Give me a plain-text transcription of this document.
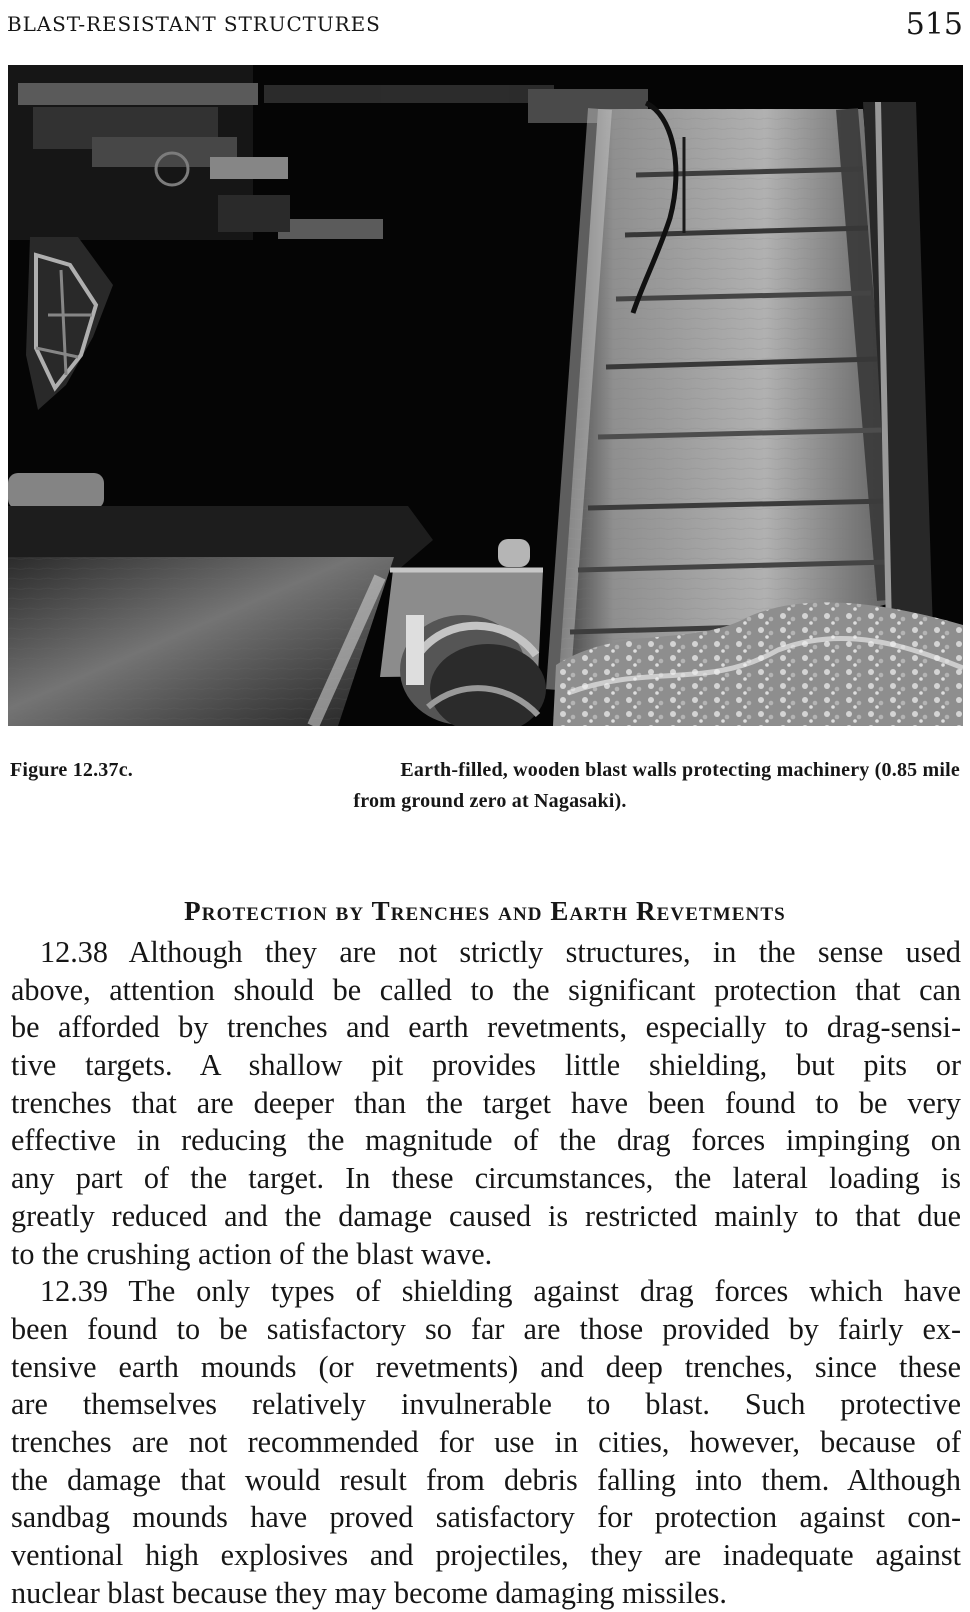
BLAST-RESISTANT STRUCTURES	515
Figure 12.37c.	Earth-filled, wooden blast walls protecting machinery (0.85 mile
from ground zero at Nagasaki).
Protection by Trenches and Earth Revetments

12.38 Although they are not strictly structures, in the sense used
above, attention should be called to the significant protection that can
be afforded by trenches and earth revetments, especially to drag-sensi-
tive targets. A shallow pit provides little shielding, but pits or
trenches that are deeper than the target have been found to be very
effective in reducing the magnitude of the drag forces impinging on
any part of the target. In these circumstances, the lateral loading is
greatly reduced and the damage caused is restricted mainly to that due
to the crushing action of the blast wave.

12.39 The only types of shielding against drag forces which have
been found to be satisfactory so far are those provided by fairly ex-
tensive earth mounds (or revetments) and deep trenches, since these
are themselves relatively invulnerable to blast. Such protective
trenches are not recommended for use in cities, however, because of
the damage that would result from debris falling into them. Although
sandbag mounds have proved satisfactory for protection against con-
ventional high explosives and projectiles, they are inadequate against
nuclear blast because they may become damaging missiles.
